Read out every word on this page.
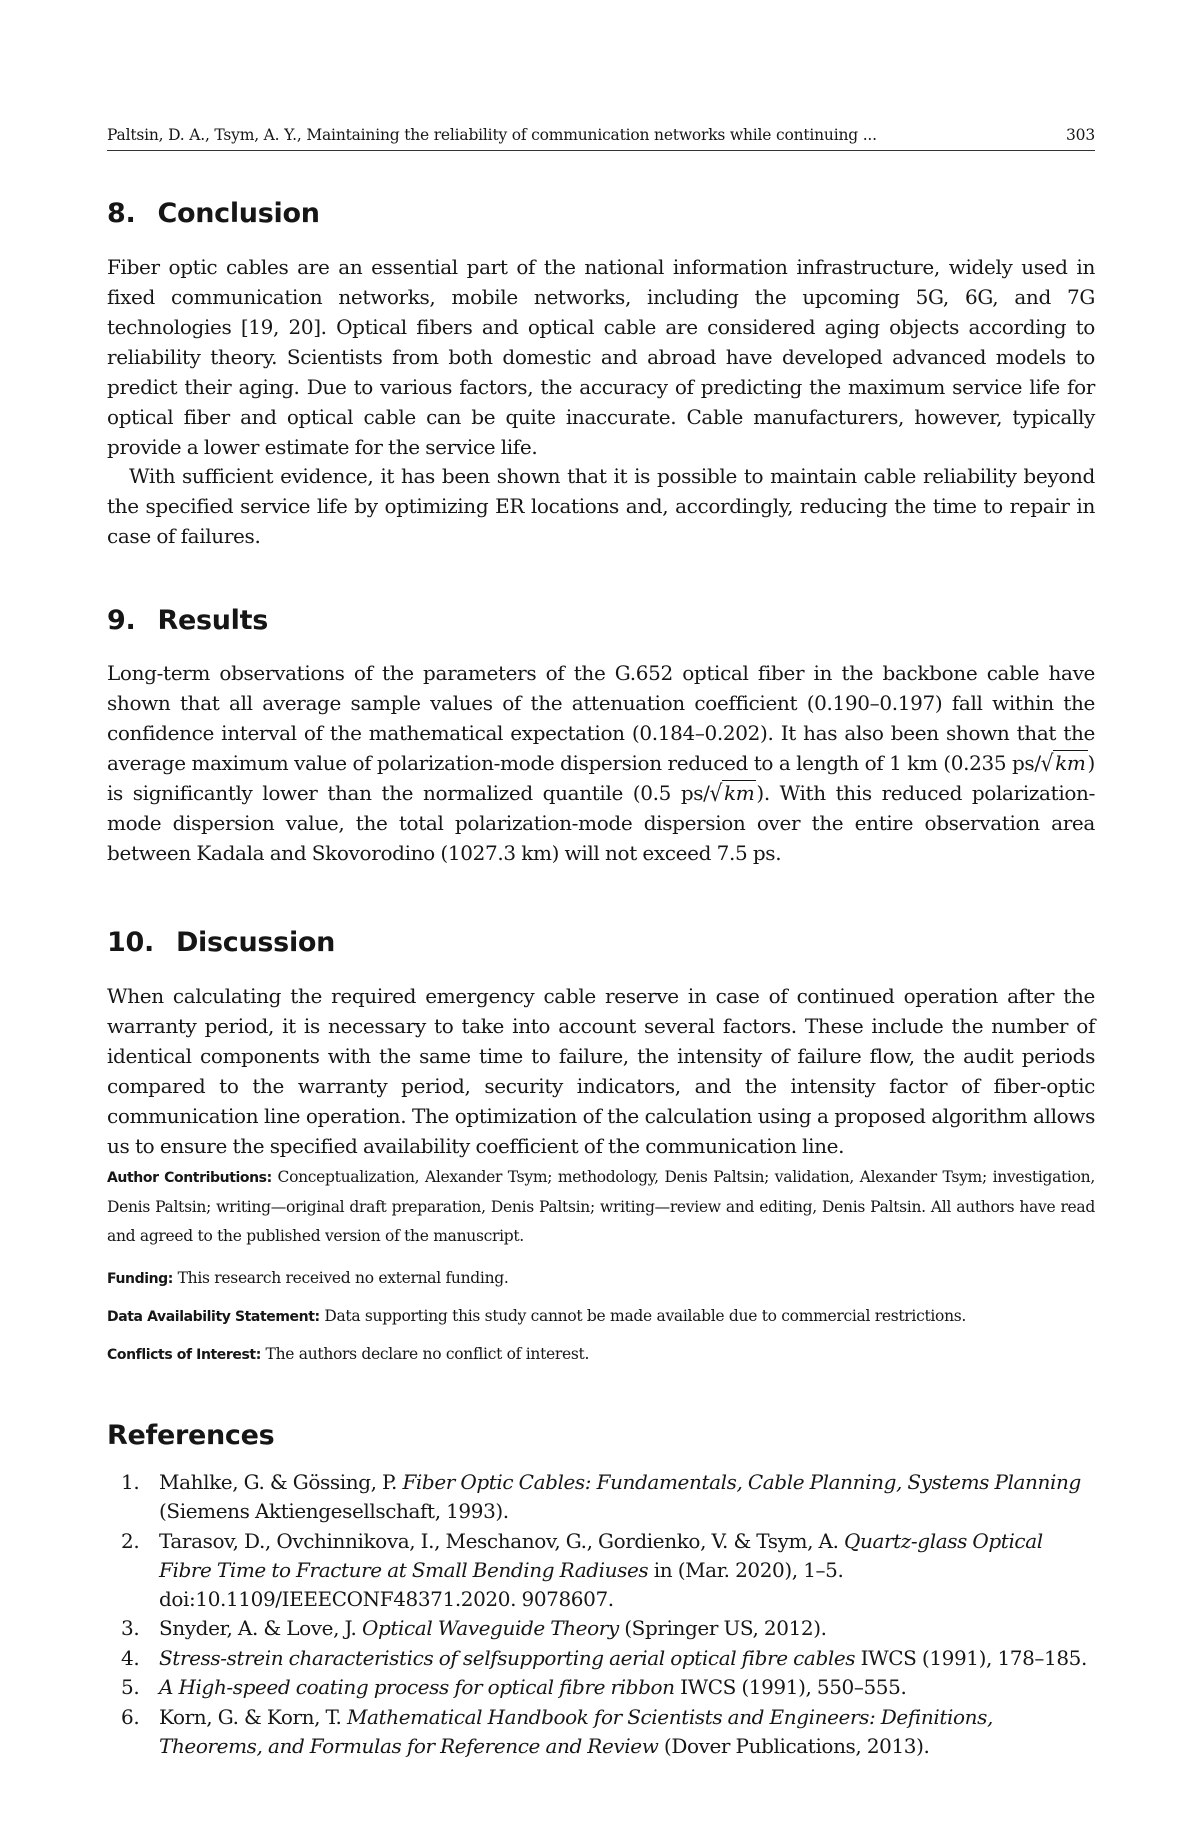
Paltsin, D. A., Tsym, A. Y., Maintaining the reliability of communication networks while continuing ...	303
8. Conclusion

Fiber optic cables are an essential part of the national information infrastructure, widely used in fixed communication networks, mobile networks, including the upcoming 5G, 6G, and 7G technologies [19, 20]. Optical fibers and optical cable are considered aging objects according to reliability theory. Scientists from both domestic and abroad have developed advanced models to predict their aging. Due to various factors, the accuracy of predicting the maximum service life for optical fiber and optical cable can be quite inaccurate. Cable manufacturers, however, typically provide a lower estimate for the service life.

With sufficient evidence, it has been shown that it is possible to maintain cable reliability beyond the specified service life by optimizing ER locations and, accordingly, reducing the time to repair in case of failures.

9. Results

Long-term observations of the parameters of the G.652 optical fiber in the backbone cable have shown that all average sample values of the attenuation coefficient (0.190–0.197) fall within the confidence interval of the mathematical expectation (0.184–0.202). It has also been shown that the average maximum value of polarization-mode dispersion reduced to a length of 1 km (0.235 ps/√ km ) is significantly lower than the normalized quantile (0.5 ps/√ km ). With this reduced polarization-mode dispersion value, the total polarization-mode dispersion over the entire observation area between Kadala and Skovorodino (1027.3 km) will not exceed 7.5 ps.

10. Discussion

When calculating the required emergency cable reserve in case of continued operation after the warranty period, it is necessary to take into account several factors. These include the number of identical components with the same time to failure, the intensity of failure flow, the audit periods compared to the warranty period, security indicators, and the intensity factor of fiber-optic communication line operation. The optimization of the calculation using a proposed algorithm allows us to ensure the specified availability coefficient of the communication line.

Author Contributions: Conceptualization, Alexander Tsym; methodology, Denis Paltsin; validation, Alexander Tsym; investigation, Denis Paltsin; writing—original draft preparation, Denis Paltsin; writing—review and editing, Denis Paltsin. All authors have read and agreed to the published version of the manuscript.

Funding: This research received no external funding.

Data Availability Statement: Data supporting this study cannot be made available due to commercial restrictions.

Conflicts of Interest: The authors declare no conflict of interest.

References
1. Mahlke, G. & Gössing, P. Fiber Optic Cables: Fundamentals, Cable Planning, Systems Planning (Siemens Aktiengesellschaft, 1993).
2. Tarasov, D., Ovchinnikova, I., Meschanov, G., Gordienko, V. & Tsym, A. Quartz-glass Optical Fibre Time to Fracture at Small Bending Radiuses in (Mar. 2020), 1–5. doi:10.1109/IEEECONF48371.2020. 9078607.
3. Snyder, A. & Love, J. Optical Waveguide Theory (Springer US, 2012).
4. Stress-strein characteristics of selfsupporting aerial optical fibre cables IWCS (1991), 178–185.
5. A High-speed coating process for optical fibre ribbon IWCS (1991), 550–555.
6. Korn, G. & Korn, T. Mathematical Handbook for Scientists and Engineers: Definitions, Theorems, and Formulas for Reference and Review (Dover Publications, 2013).
